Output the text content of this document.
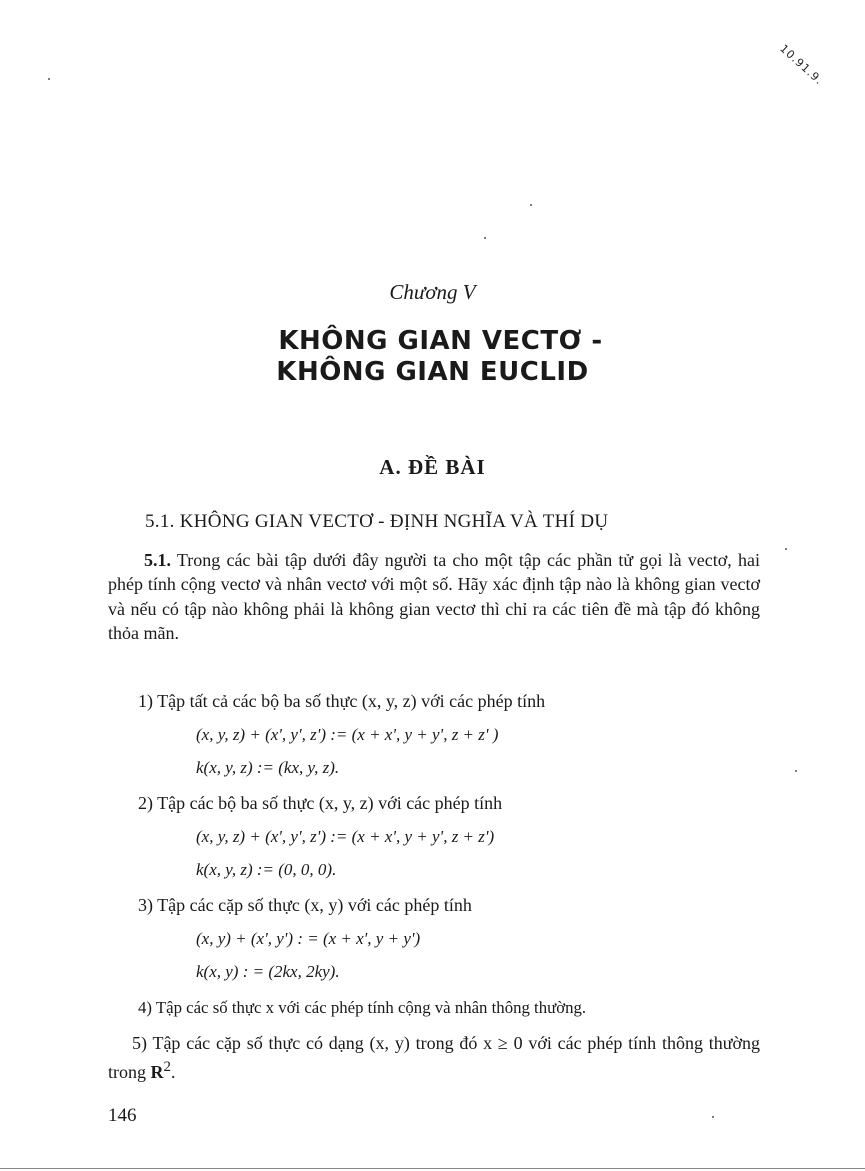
10.91.9.
Chương V
KHÔNG GIAN VECTƠ -
KHÔNG GIAN EUCLID
A. ĐỀ BÀI
5.1. KHÔNG GIAN VECTƠ - ĐỊNH NGHĨA VÀ THÍ DỤ
5.1. Trong các bài tập dưới đây người ta cho một tập các phần tử gọi là vectơ, hai phép tính cộng vectơ và nhân vectơ với một số. Hãy xác định tập nào là không gian vectơ và nếu có tập nào không phải là không gian vectơ thì chỉ ra các tiên đề mà tập đó không thỏa mãn.
1) Tập tất cả các bộ ba số thực (x, y, z) với các phép tính
(x, y, z) + (x', y', z') := (x + x', y + y', z + z' )
k(x, y, z) := (kx, y, z).
2) Tập các bộ ba số thực (x, y, z) với các phép tính
(x, y, z) + (x', y', z') := (x + x', y + y', z + z')
k(x, y, z) := (0, 0, 0).
3) Tập các cặp số thực (x, y) với các phép tính
(x, y) + (x', y') : = (x + x', y + y')
k(x, y) : = (2kx, 2ky).
4) Tập các số thực x với các phép tính cộng và nhân thông thường.
5) Tập các cặp số thực có dạng (x, y) trong đó x ≥ 0 với các phép tính thông thường trong $R^2$.
146
